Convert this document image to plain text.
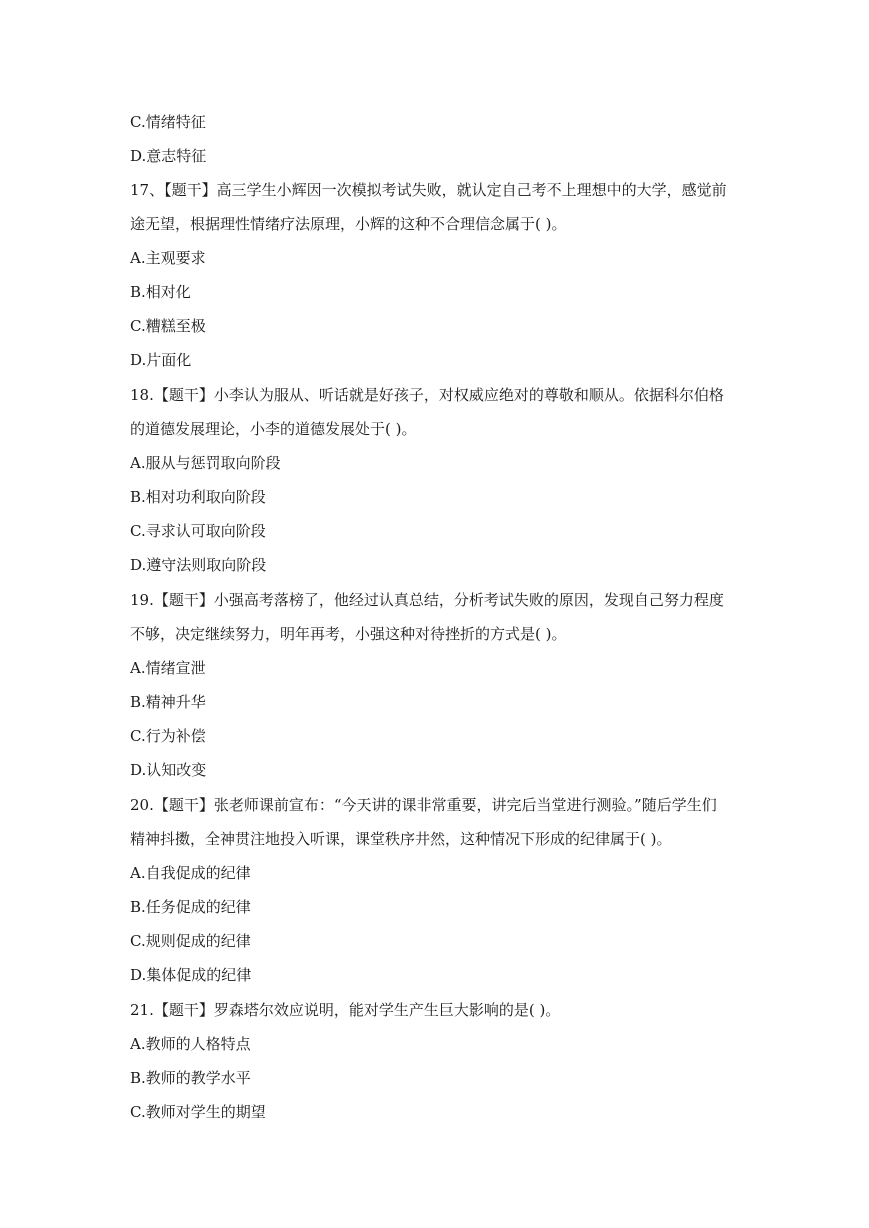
C.情绪特征
D.意志特征
17、【题干】高三学生小辉因一次模拟考试失败，就认定自己考不上理想中的大学，感觉前
途无望，根据理性情绪疗法原理，小辉的这种不合理信念属于( )。
A.主观要求
B.相对化
C.糟糕至极
D.片面化
18.【题干】小李认为服从、听话就是好孩子，对权威应绝对的尊敬和顺从。依据科尔伯格
的道德发展理论，小李的道德发展处于( )。
A.服从与惩罚取向阶段
B.相对功利取向阶段
C.寻求认可取向阶段
D.遵守法则取向阶段
19.【题干】小强高考落榜了，他经过认真总结，分析考试失败的原因，发现自己努力程度
不够，决定继续努力，明年再考，小强这种对待挫折的方式是( )。
A.情绪宣泄
B.精神升华
C.行为补偿
D.认知改变
20.【题干】张老师课前宣布：“今天讲的课非常重要，讲完后当堂进行测验。”随后学生们
精神抖擞，全神贯注地投入听课，课堂秩序井然，这种情况下形成的纪律属于( )。
A.自我促成的纪律
B.任务促成的纪律
C.规则促成的纪律
D.集体促成的纪律
21.【题干】罗森塔尔效应说明，能对学生产生巨大影响的是( )。
A.教师的人格特点
B.教师的教学水平
C.教师对学生的期望
